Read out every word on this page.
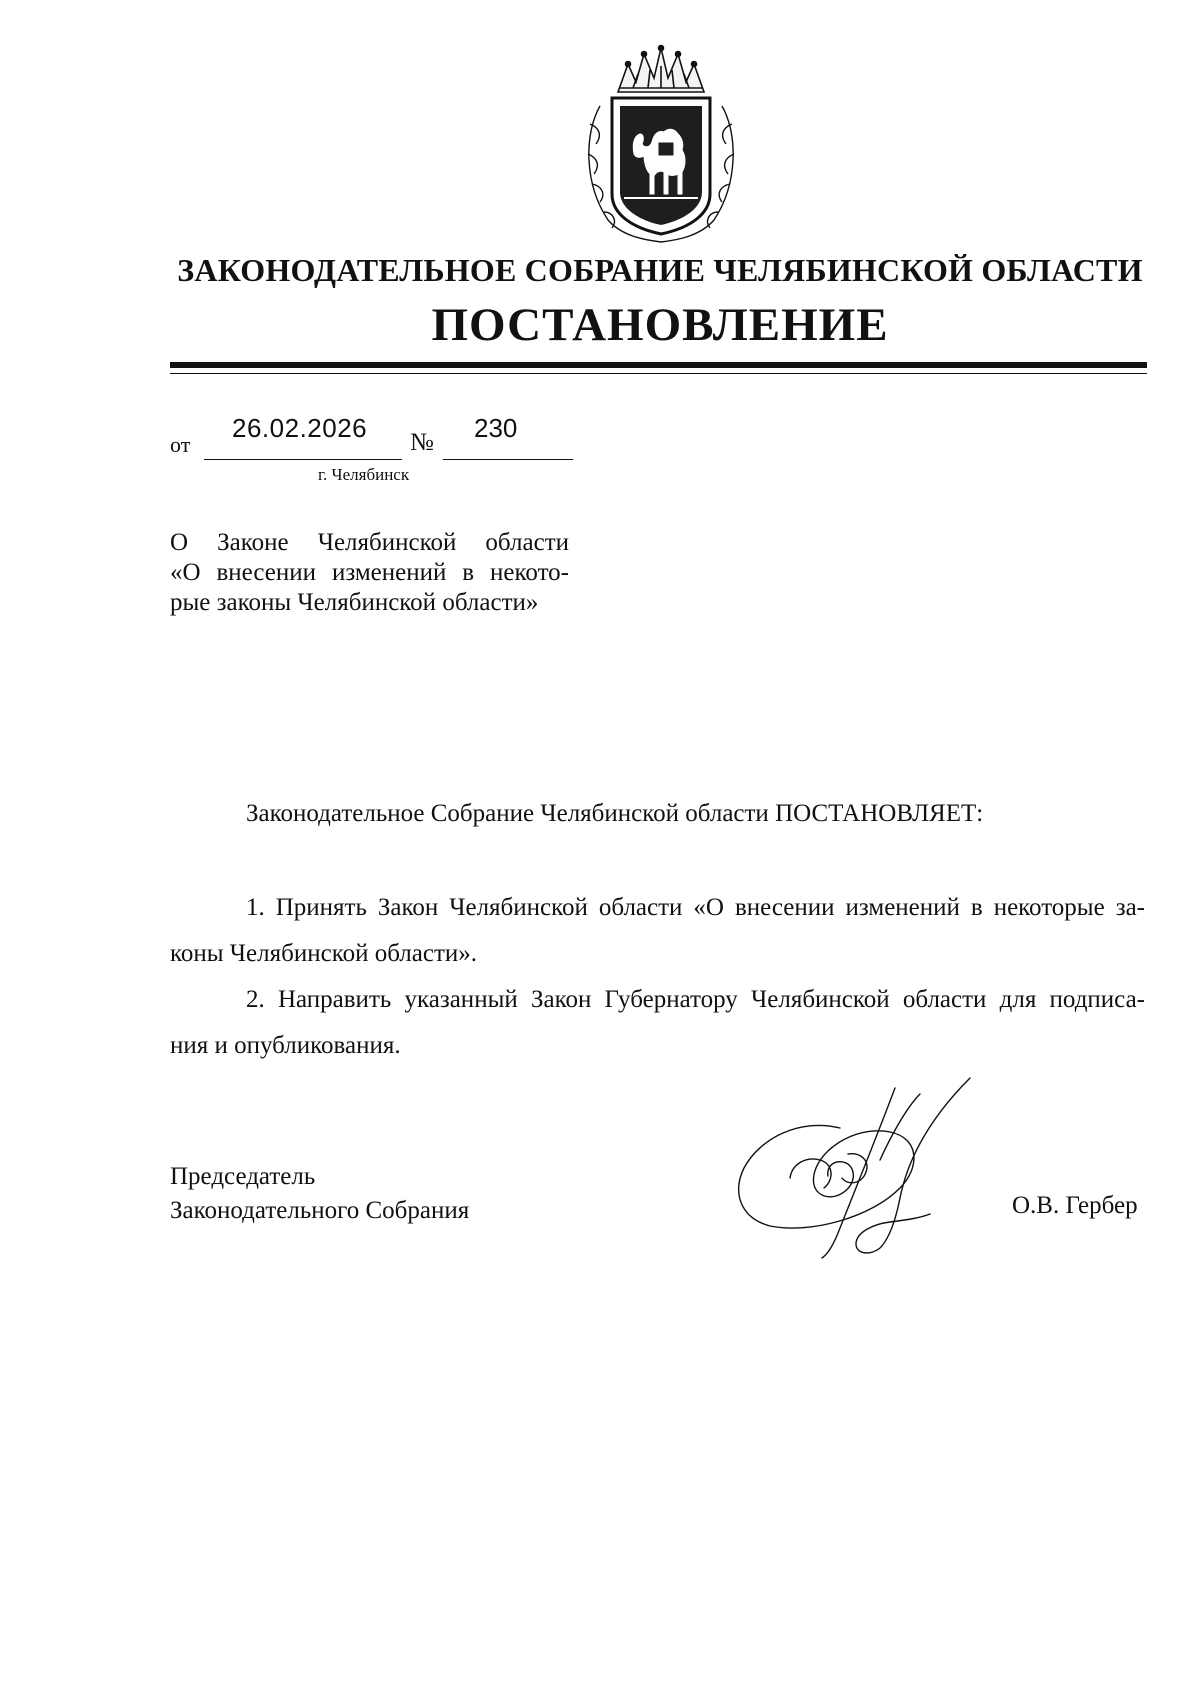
ЗАКОНОДАТЕЛЬНОЕ СОБРАНИЕ ЧЕЛЯБИНСКОЙ ОБЛАСТИ
ПОСТАНОВЛЕНИЕ
от
26.02.2026 № 230
г. Челябинск
О Законе Челябинской области
«О внесении изменений в некото-
рые законы Челябинской области»
Законодательное Собрание Челябинской области ПОСТАНОВЛЯЕТ:
1. Принять Закон Челябинской области «О внесении изменений в некоторые за-
коны Челябинской области».
2. Направить указанный Закон Губернатору Челябинской области для подписа-
ния и опубликования.
Председатель
Законодательного Собрания	О.В. Гербер
